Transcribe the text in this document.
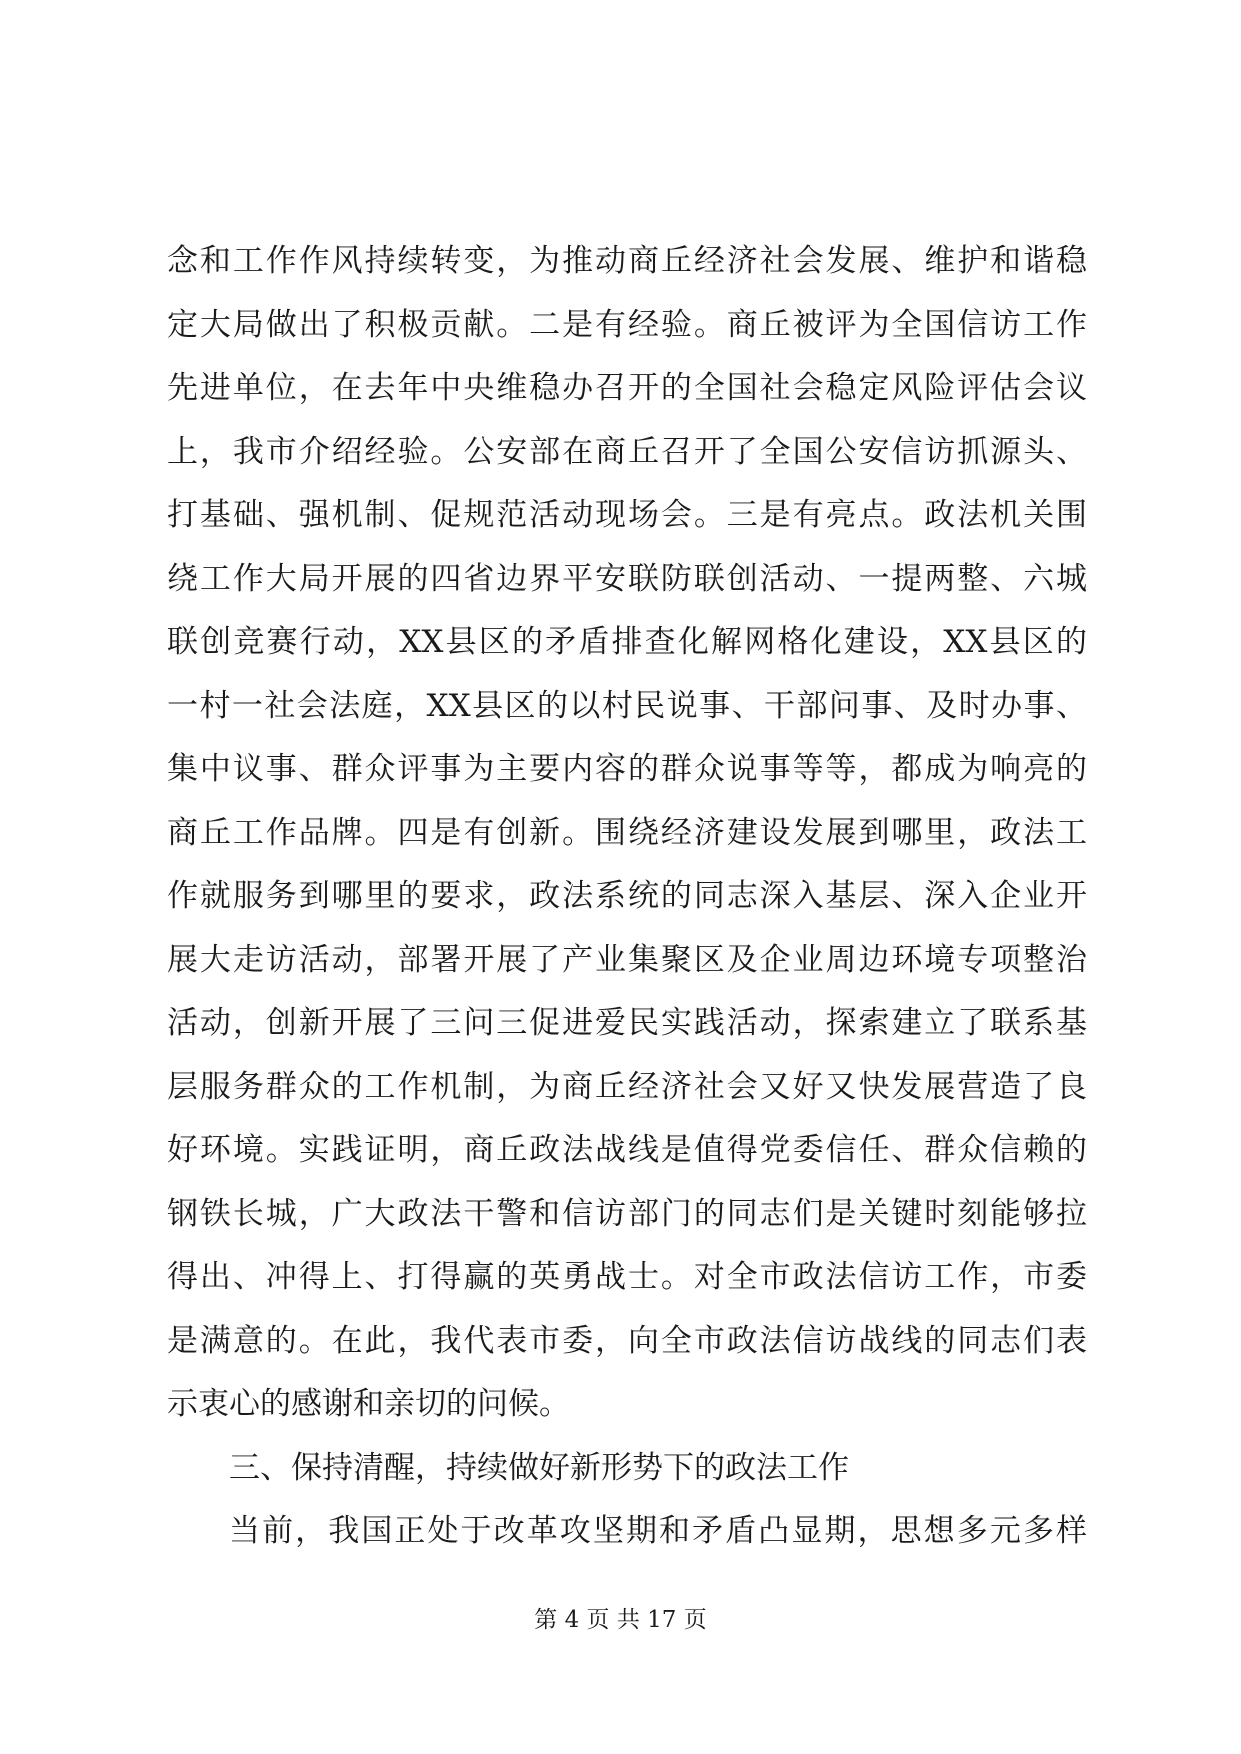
念和工作作风持续转变，为推动商丘经济社会发展、维护和谐稳
定大局做出了积极贡献。二是有经验。商丘被评为全国信访工作
先进单位，在去年中央维稳办召开的全国社会稳定风险评估会议
上，我市介绍经验。公安部在商丘召开了全国公安信访抓源头、
打基础、强机制、促规范活动现场会。三是有亮点。政法机关围
绕工作大局开展的四省边界平安联防联创活动、一提两整、六城
联创竞赛行动，XX县区的矛盾排查化解网格化建设，XX县区的
一村一社会法庭，XX县区的以村民说事、干部问事、及时办事、
集中议事、群众评事为主要内容的群众说事等等，都成为响亮的
商丘工作品牌。四是有创新。围绕经济建设发展到哪里，政法工
作就服务到哪里的要求，政法系统的同志深入基层、深入企业开
展大走访活动，部署开展了产业集聚区及企业周边环境专项整治
活动，创新开展了三问三促进爱民实践活动，探索建立了联系基
层服务群众的工作机制，为商丘经济社会又好又快发展营造了良
好环境。实践证明，商丘政法战线是值得党委信任、群众信赖的
钢铁长城，广大政法干警和信访部门的同志们是关键时刻能够拉
得出、冲得上、打得赢的英勇战士。对全市政法信访工作，市委
是满意的。在此，我代表市委，向全市政法信访战线的同志们表
示衷心的感谢和亲切的问候。
三、保持清醒，持续做好新形势下的政法工作
当前，我国正处于改革攻坚期和矛盾凸显期，思想多元多样
第 4 页 共 17 页
